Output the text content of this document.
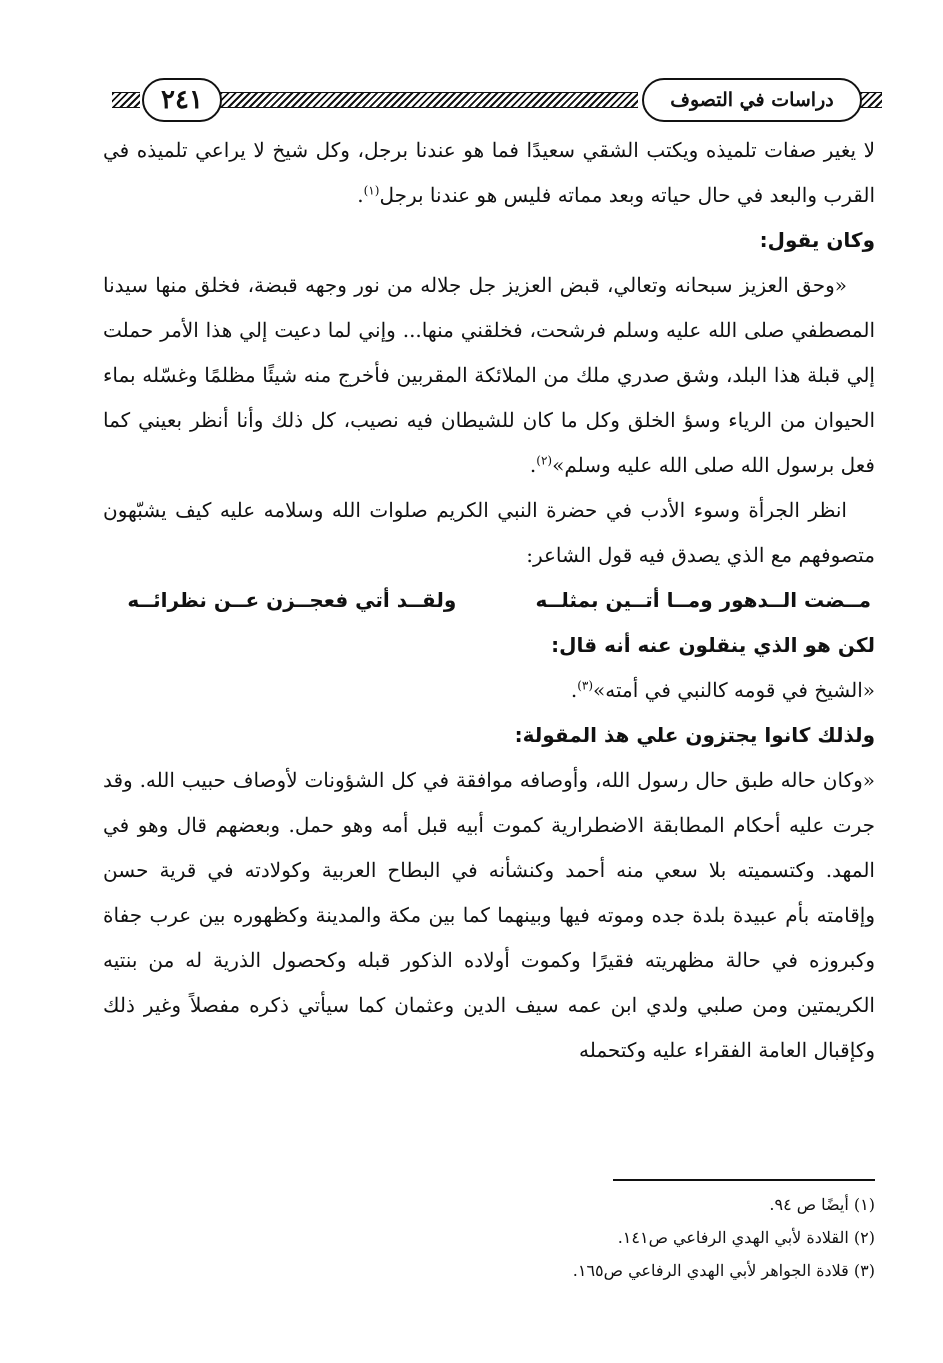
٢٤١	دراسات في التصوف

لا يغير صفات تلميذه ويكتب الشقي سعيدًا فما هو عندنا برجل، وكل شيخ لا يراعي تلميذه في القرب والبعد في حال حياته وبعد مماته فليس هو عندنا برجل$^{(١)}$.

وكان يقول:

«وحق العزيز سبحانه وتعالي، قبض العزيز جل جلاله من نور وجهه قبضة، فخلق منها سيدنا المصطفي صلى الله عليه وسلم فرشحت، فخلقني منها... وإني لما دعيت إلي هذا الأمر حملت إلي قبلة هذا البلد، وشق صدري ملك من الملائكة المقربين فأخرج منه شيئًا مظلمًا وغسّله بماء الحيوان من الرياء وسؤ الخلق وكل ما كان للشيطان فيه نصيب، كل ذلك وأنا أنظر بعيني كما فعل برسول الله صلى الله عليه وسلم»$^{(٢)}$.

انظر الجرأة وسوء الأدب في حضرة النبي الكريم صلوات الله وسلامه عليه كيف يشبّهون متصوفهم مع الذي يصدق فيه قول الشاعر:

مــضت الــدهور ومــا أتــين بمثلــه
ولقــد أتي فعجــزن عــن نظرائــه

لكن هو الذي ينقلون عنه أنه قال:

«الشيخ في قومه كالنبي في أمته»$^{(٣)}$.

ولذلك كانوا يجتزون علي هذ المقولة:

«وكان حاله طبق حال رسول الله، وأوصافه موافقة في كل الشؤونات لأوصاف حبيب الله. وقد جرت عليه أحكام المطابقة الاضطرارية كموت أبيه قبل أمه وهو حمل. وبعضهم قال وهو في المهد. وكتسميته بلا سعي منه أحمد وكنشأنه في البطاح العربية وكولادته في قرية حسن وإقامته بأم عبيدة بلدة جده وموته فيها وبينهما كما بين مكة والمدينة وكظهوره بين عرب جفاة وكبروزه في حالة مظهريته فقيرًا وكموت أولاده الذكور قبله وكحصول الذرية له من بنتيه الكريمتين ومن صلبي ولدي ابن عمه سيف الدين وعثمان كما سيأتي ذكره مفصلاً وغير ذلك وكإقبال العامة الفقراء عليه وكتحمله

(١) أيضًا ص ٩٤.
(٢) القلادة لأبي الهدي الرفاعي ص١٤١.
(٣) قلادة الجواهر لأبي الهدي الرفاعي ص١٦٥.
